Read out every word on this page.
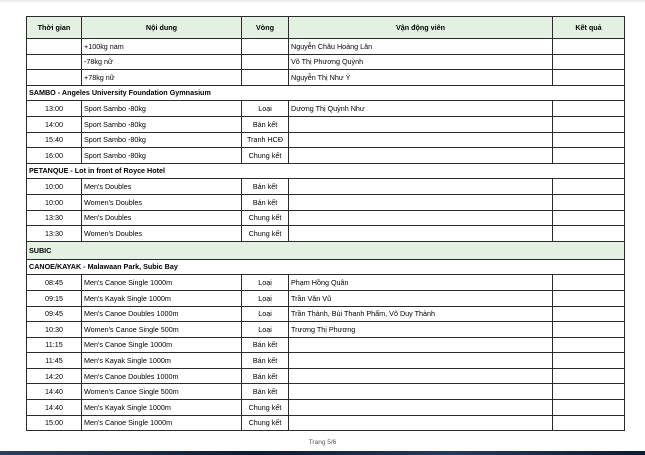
Thời gian	Nội dung	Vòng	Vận động viên	Kết quả
	+100kg nam		Nguyễn Châu Hoàng Lân	
	-78kg nữ		Võ Thị Phương Quỳnh	
	+78kg nữ		Nguyễn Thị Như Ý	
SAMBO - Angeles University Foundation Gymnasium				
13:00	Sport Sambo -80kg	Loại	Dương Thị Quỳnh Như	
14:00	Sport Sambo -80kg	Bán kết		
15:40	Sport Sambo -80kg	Tranh HCĐ		
16:00	Sport Sambo -80kg	Chung kết		
PETANQUE - Lot in front of Royce Hotel				
10:00	Men's Doubles	Bán kết		
10:00	Women's Doubles	Bán kết		
13:30	Men's Doubles	Chung kết		
13:30	Women's Doubles	Chung kết		
SUBIC				
CANOE/KAYAK - Malawaan Park, Subic Bay				
08:45	Men's Canoe Single 1000m	Loại	Phạm Hồng Quân	
09:15	Men's Kayak Single 1000m	Loại	Trần Văn Vũ	
09:45	Men's Canoe Doubles 1000m	Loại	Trần Thành, Bùi Thanh Phẩm, Võ Duy Thành	
10:30	Women's Canoe Single 500m	Loại	Trương Thị Phương	
11:15	Men's Canoe Single 1000m	Bán kết		
11:45	Men's Kayak Single 1000m	Bán kết		
14:20	Men's Canoe Doubles 1000m	Bán kết		
14:40	Women's Canoe Single 500m	Bán kết		
14:40	Men's Kayak Single 1000m	Chung kết		
15:00	Men's Canoe Single 1000m	Chung kết		
Trang 5/6
